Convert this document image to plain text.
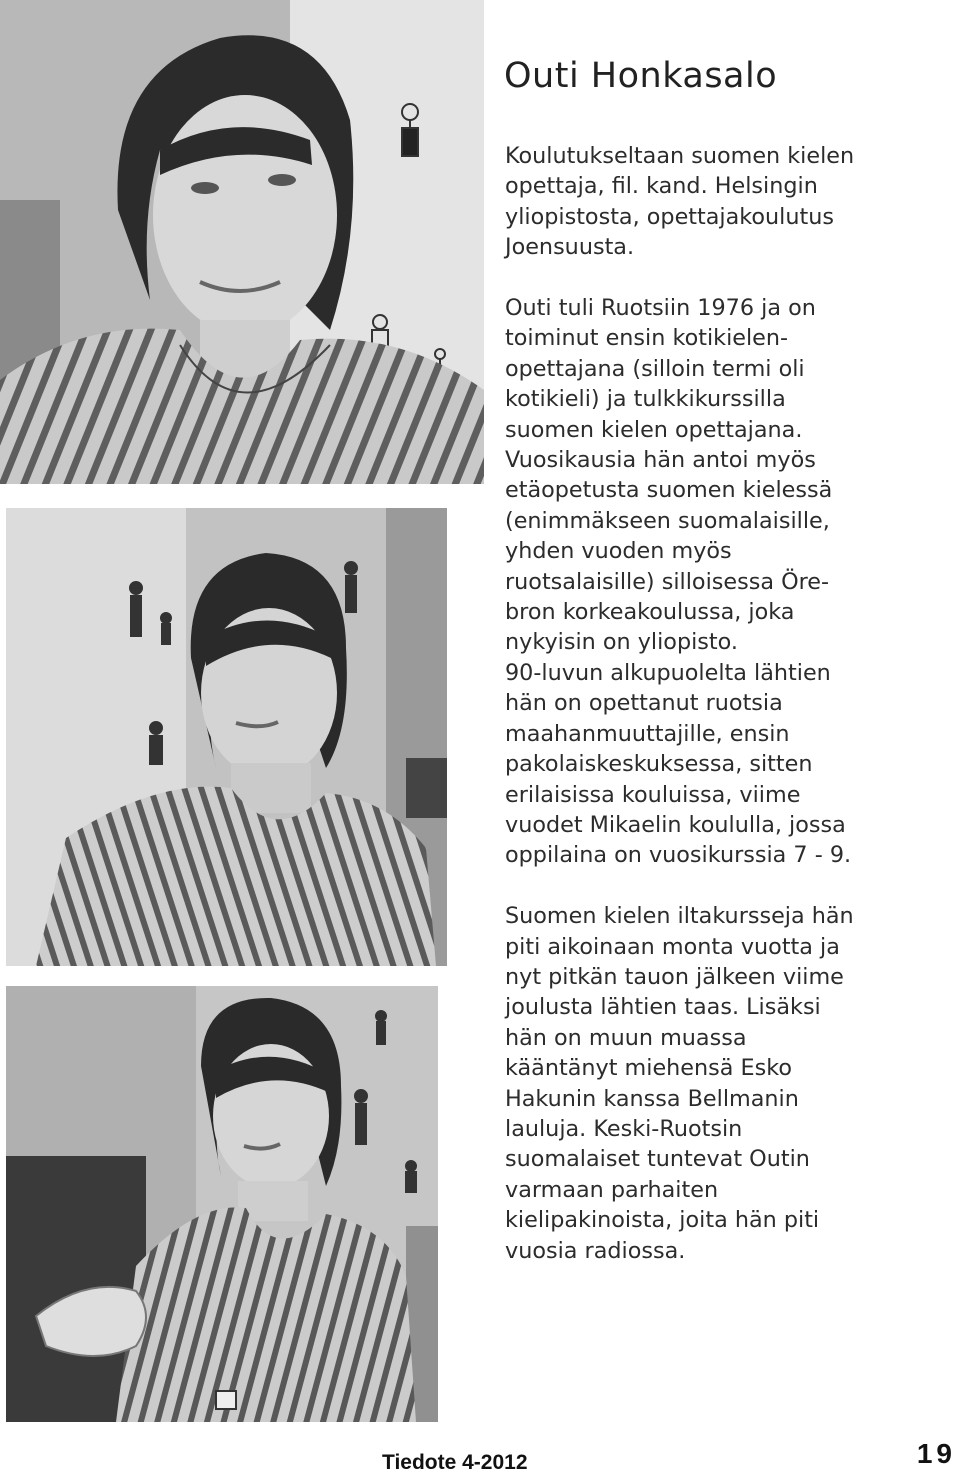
Outi Honkasalo

Koulutukseltaan suomen kielen
opettaja, fil. kand. Helsingin
yliopistosta, opettajakoulutus
Joensuusta.

Outi tuli Ruotsiin 1976 ja on
toiminut ensin kotikielen-
opettajana (silloin termi oli
kotikieli) ja tulkkikurssilla
suomen kielen opettajana.
Vuosikausia hän antoi myös
etäopetusta suomen kielessä
(enimmäkseen suomalaisille,
yhden vuoden myös
ruotsalaisille) silloisessa Öre-
bron korkeakoulussa, joka
nykyisin on yliopisto.
90-luvun alkupuolelta lähtien
hän on opettanut ruotsia
maahanmuuttajille, ensin
pakolaiskeskuksessa, sitten
erilaisissa kouluissa, viime
vuodet Mikaelin koululla, jossa
oppilaina on vuosikurssia 7 - 9.

Suomen kielen iltakursseja hän
piti aikoinaan monta vuotta ja
nyt pitkän tauon jälkeen viime
joulusta lähtien taas. Lisäksi
hän on muun muassa
kääntänyt miehensä Esko
Hakunin kanssa Bellmanin
lauluja. Keski-Ruotsin
suomalaiset tuntevat Outin
varmaan parhaiten
kielipakinoista, joita hän piti
vuosia radiossa.

Tiedote 4-2012	19
